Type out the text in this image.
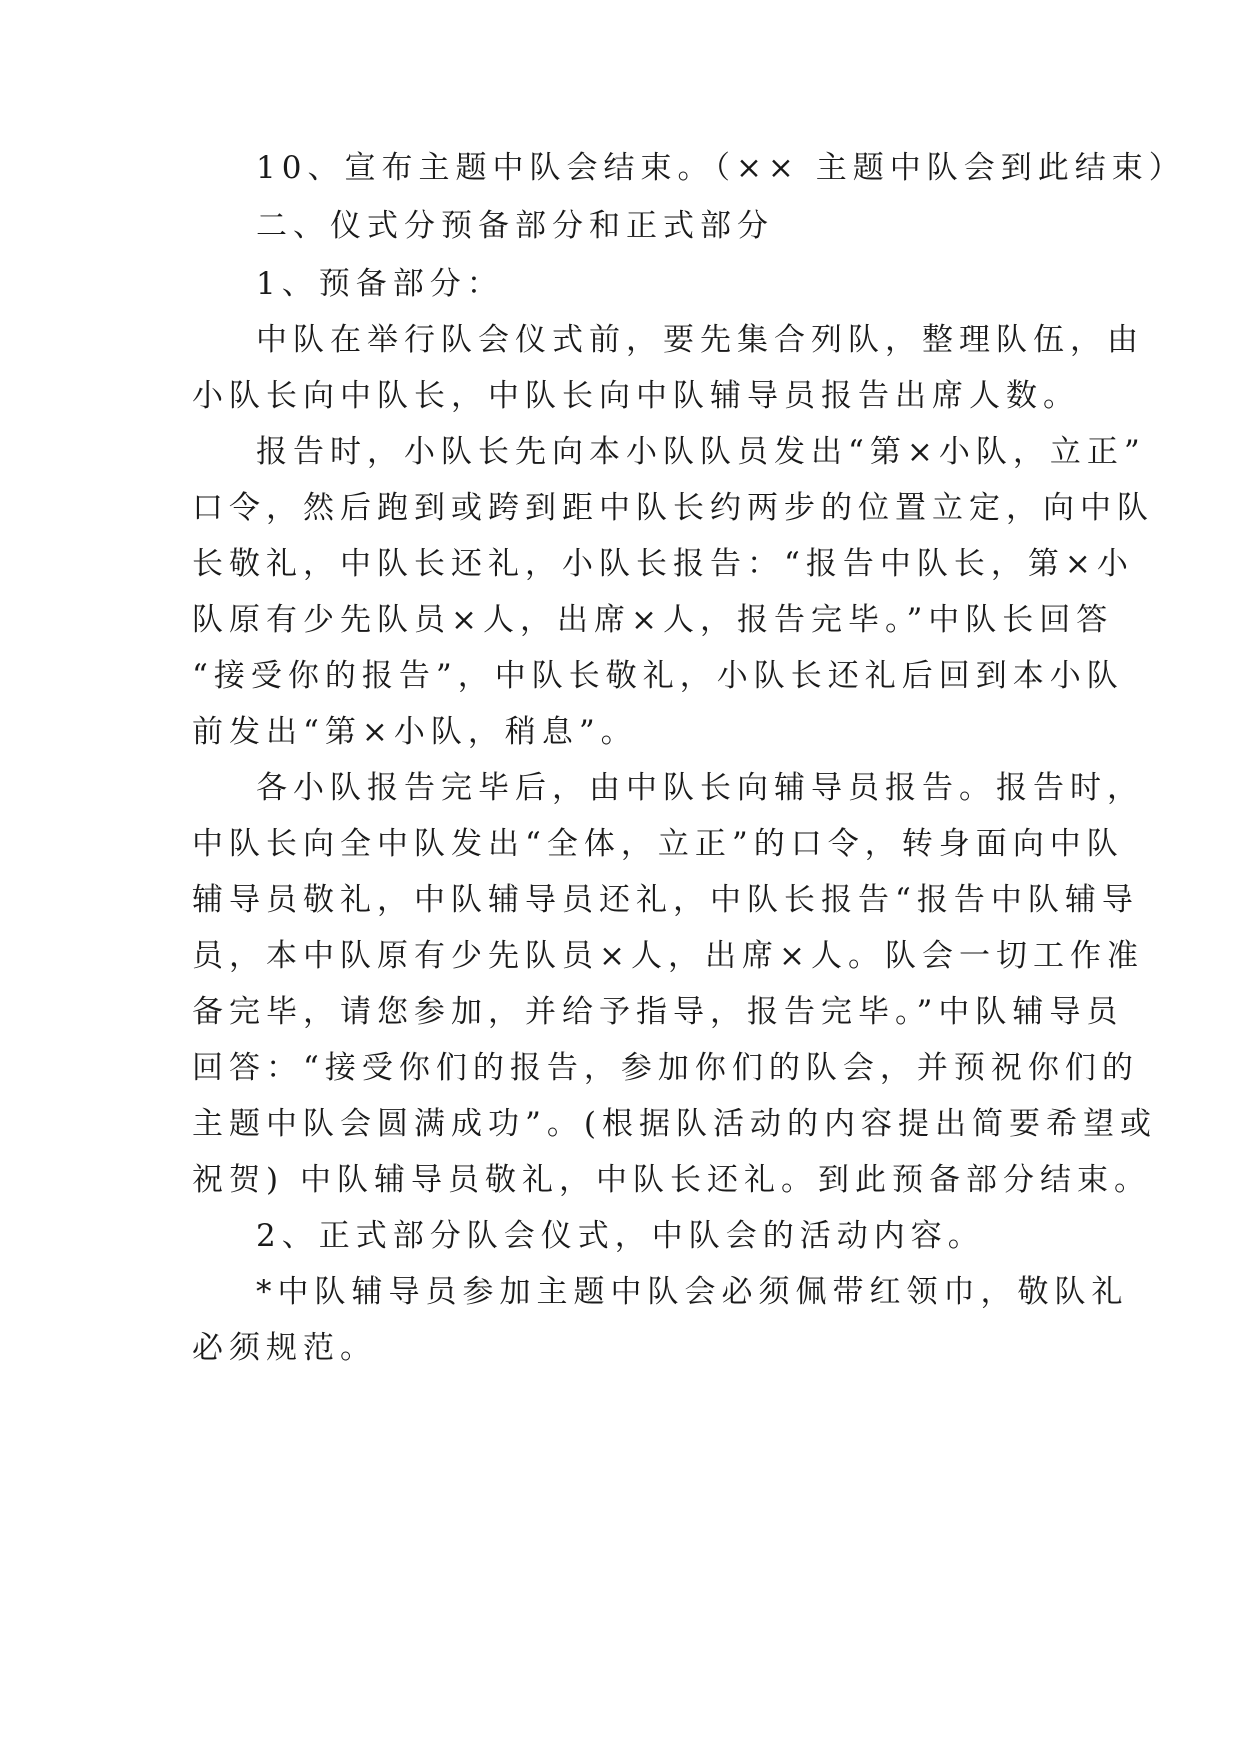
10、宣布主题中队会结束。（×× 主题中队会到此结束）
二、仪式分预备部分和正式部分
1、预备部分：
中队在举行队会仪式前，要先集合列队，整理队伍，由
小队长向中队长，中队长向中队辅导员报告出席人数。
报告时，小队长先向本小队队员发出“第×小队，立正”
口令，然后跑到或跨到距中队长约两步的位置立定，向中队
长敬礼，中队长还礼，小队长报告：“报告中队长，第×小
队原有少先队员×人，出席×人，报告完毕。”中队长回答
“接受你的报告”，中队长敬礼，小队长还礼后回到本小队
前发出“第×小队，稍息”。
各小队报告完毕后，由中队长向辅导员报告。报告时，
中队长向全中队发出“全体，立正”的口令，转身面向中队
辅导员敬礼，中队辅导员还礼，中队长报告“报告中队辅导
员，本中队原有少先队员×人，出席×人。队会一切工作准
备完毕，请您参加，并给予指导，报告完毕。”中队辅导员
回答：“接受你们的报告，参加你们的队会，并预祝你们的
主题中队会圆满成功”。(根据队活动的内容提出简要希望或
祝贺) 中队辅导员敬礼，中队长还礼。到此预备部分结束。
2、正式部分队会仪式，中队会的活动内容。
*中队辅导员参加主题中队会必须佩带红领巾，敬队礼
必须规范。
